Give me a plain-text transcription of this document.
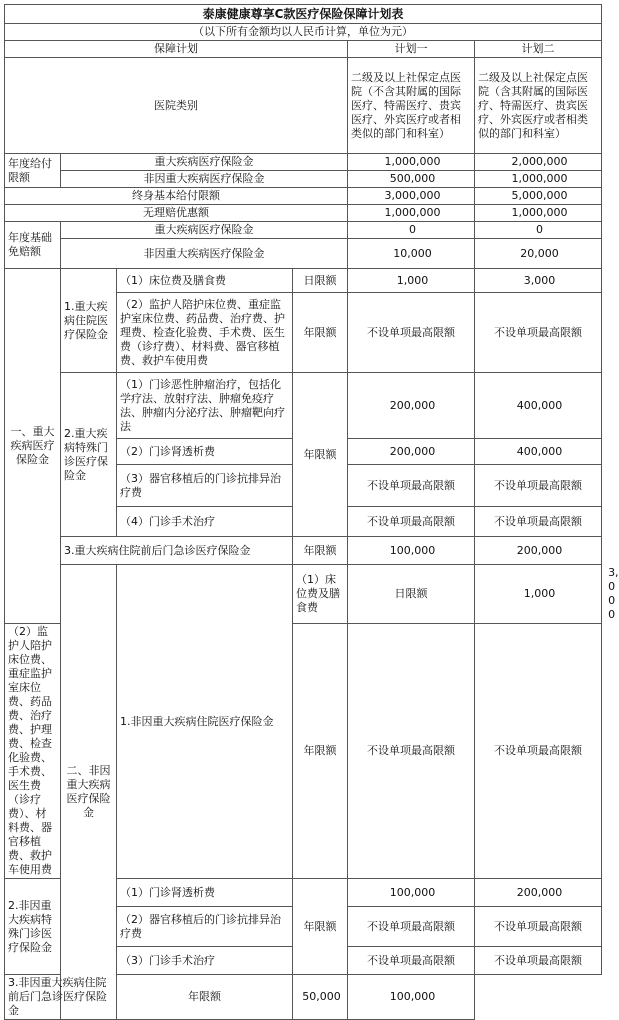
泰康健康尊享C款医疗保险保障计划表						
（以下所有金额均以人民币计算，单位为元）						
保障计划				计划一	计划二	
医院类别				二级及以上社保定点医院（不含其附属的国际医疗、特需医疗、贵宾医疗、外宾医疗或者相类似的部门和科室）	二级及以上社保定点医院（含其附属的国际医疗、特需医疗、贵宾医疗、外宾医疗或者相类似的部门和科室）	
年度给付限额	重大疾病医疗保险金			1,000,000	2,000,000	
	非因重大疾病医疗保险金			500,000	1,000,000	
终身基本给付限额				3,000,000	5,000,000	
无理赔优惠额				1,000,000	1,000,000	
年度基础免赔额	重大疾病医疗保险金			0	0	
	非因重大疾病医疗保险金			10,000	20,000	
一、重大疾病医疗保险金	1.重大疾病住院医疗保险金	（1）床位费及膳食费	日限额	1,000	3,000	
		（2）监护人陪护床位费、重症监护室床位费、药品费、治疗费、护理费、检查化验费、手术费、医生费（诊疗费）、材料费、器官移植费、救护车使用费	年限额	不设单项最高限额	不设单项最高限额	
	2.重大疾病特殊门诊医疗保险金	（1）门诊恶性肿瘤治疗，包括化学疗法、放射疗法、肿瘤免疫疗法、肿瘤内分泌疗法、肿瘤靶向疗法	年限额	200,000	400,000	
		（2）门诊肾透析费		200,000	400,000	
		（3）器官移植后的门诊抗排异治疗费		不设单项最高限额	不设单项最高限额	
		（4）门诊手术治疗		不设单项最高限额	不设单项最高限额	
	3.重大疾病住院前后门急诊医疗保险金		年限额	100,000	200,000	
	二、非因重大疾病医疗保险金	1.非因重大疾病住院医疗保险金	（1）床位费及膳食费	日限额	1,000	3,000
（2）监护人陪护床位费、重症监护室床位费、药品费、治疗费、护理费、检查化验费、手术费、医生费（诊疗费）、材料费、器官移植费、救护车使用费			年限额	不设单项最高限额	不设单项最高限额	
2.非因重大疾病特殊门诊医疗保险金		（1）门诊肾透析费	年限额	100,000	200,000	
		（2）器官移植后的门诊抗排异治疗费		不设单项最高限额	不设单项最高限额	
		（3）门诊手术治疗		不设单项最高限额	不设单项最高限额	
3.非因重大疾病住院前后门急诊医疗保险金		年限额	50,000	100,000		
